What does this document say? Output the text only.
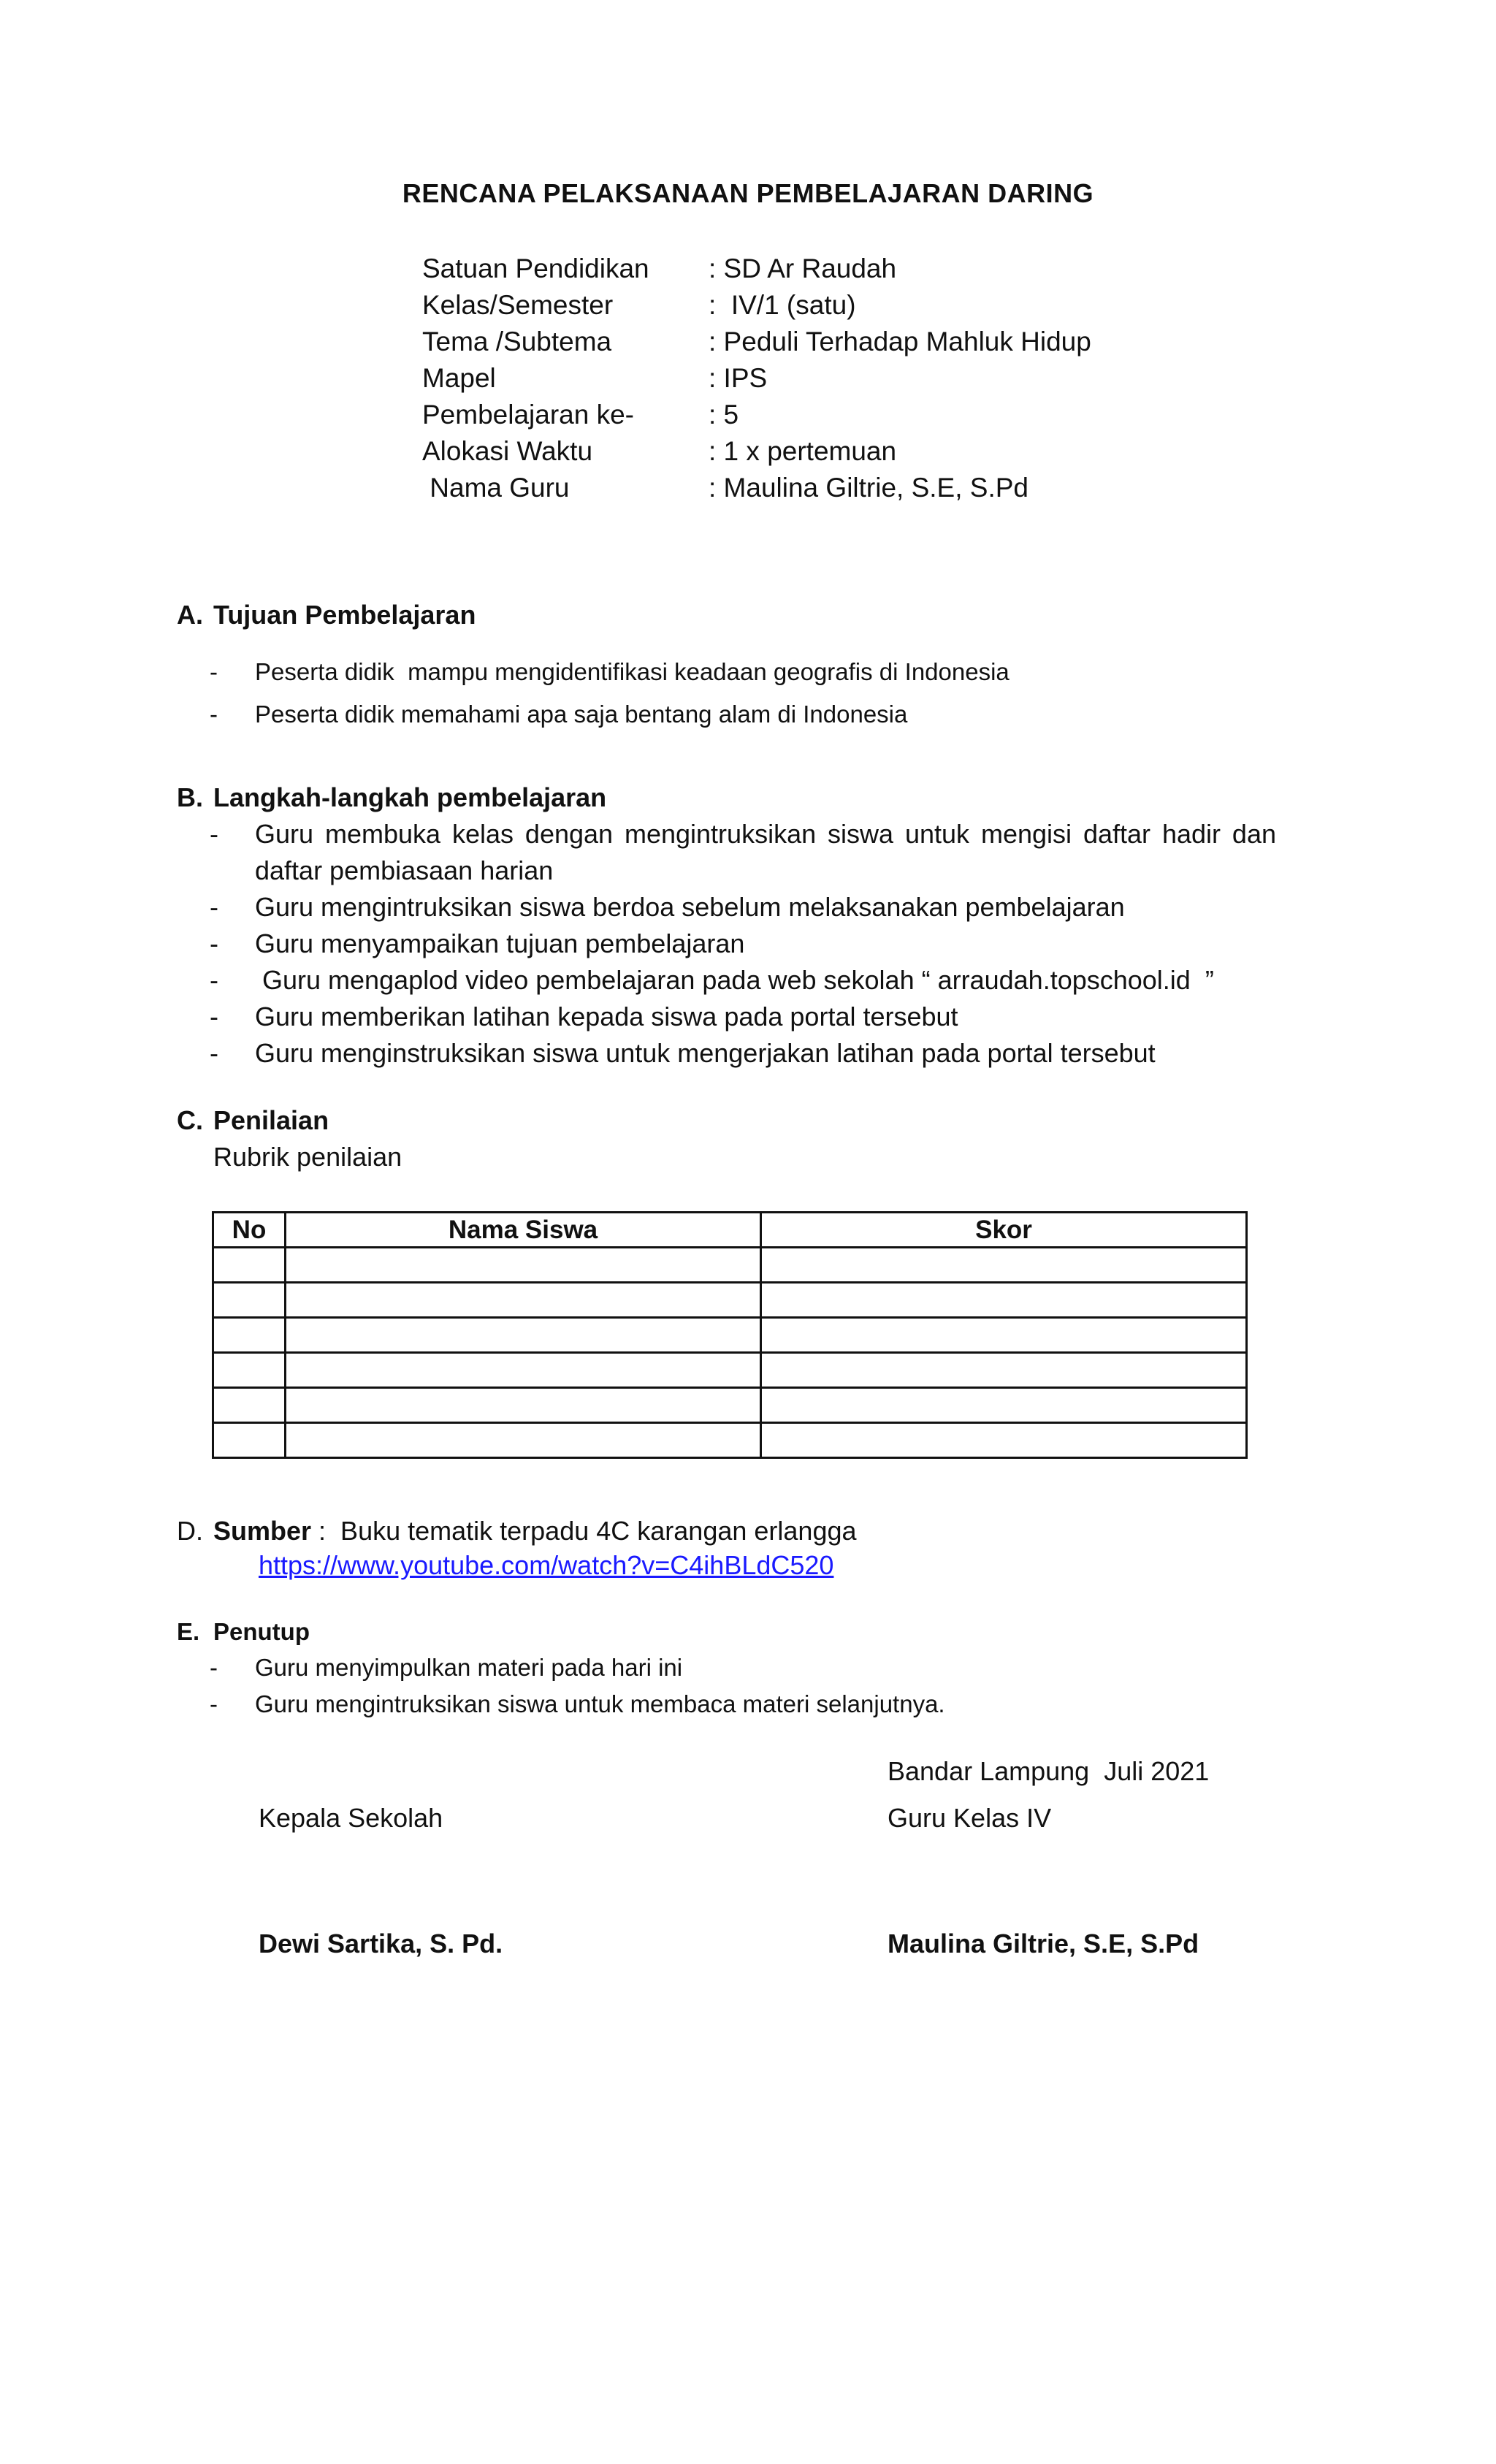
RENCANA PELAKSANAAN PEMBELAJARAN DARING
Satuan Pendidikan	: SD Ar Raudah
Kelas/Semester	:  IV/1 (satu)
Tema /Subtema	: Peduli Terhadap Mahluk Hidup
Mapel	: IPS
Pembelajaran ke-	: 5
Alokasi Waktu	: 1 x pertemuan
Nama Guru	: Maulina Giltrie, S.E, S.Pd
A. Tujuan Pembelajaran
-	Peserta didik  mampu mengidentifikasi keadaan geografis di Indonesia
-	Peserta didik memahami apa saja bentang alam di Indonesia
B. Langkah-langkah pembelajaran
-	Guru membuka kelas dengan mengintruksikan siswa untuk mengisi daftar hadir dan daftar pembiasaan harian
-	Guru mengintruksikan siswa berdoa sebelum melaksanakan pembelajaran
-	Guru menyampaikan tujuan pembelajaran
-	Guru mengaplod video pembelajaran pada web sekolah “ arraudah.topschool.id  ”
-	Guru memberikan latihan kepada siswa pada portal tersebut
-	Guru menginstruksikan siswa untuk mengerjakan latihan pada portal tersebut
C. Penilaian
Rubrik penilaian
No	Nama Siswa	Skor

D. Sumber :  Buku tematik terpadu 4C karangan erlangga
https://www.youtube.com/watch?v=C4ihBLdC520
E. Penutup
-	Guru menyimpulkan materi pada hari ini
-	Guru mengintruksikan siswa untuk membaca materi selanjutnya.
Bandar Lampung  Juli 2021
Kepala Sekolah	Guru Kelas IV
Dewi Sartika, S. Pd.	Maulina Giltrie, S.E, S.Pd
